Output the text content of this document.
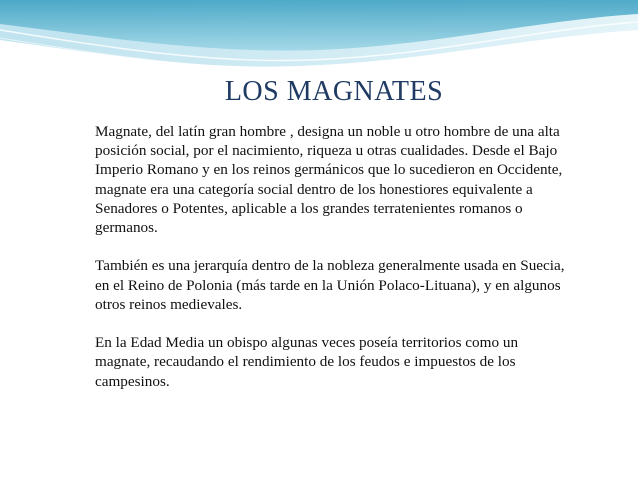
LOS MAGNATES

Magnate, del latín gran hombre , designa un noble u otro hombre de una alta posición social, por el nacimiento, riqueza u otras cualidades. Desde el Bajo Imperio Romano y en los reinos germánicos que lo sucedieron en Occidente, magnate era una categoría social dentro de los honestiores equivalente a Senadores o Potentes, aplicable a los grandes terratenientes romanos o germanos.

También es una jerarquía dentro de la nobleza generalmente usada en Suecia, en el Reino de Polonia (más tarde en la Unión Polaco-Lituana), y en algunos otros reinos medievales.

En la Edad Media un obispo algunas veces poseía territorios como un magnate, recaudando el rendimiento de los feudos e impuestos de los campesinos.
